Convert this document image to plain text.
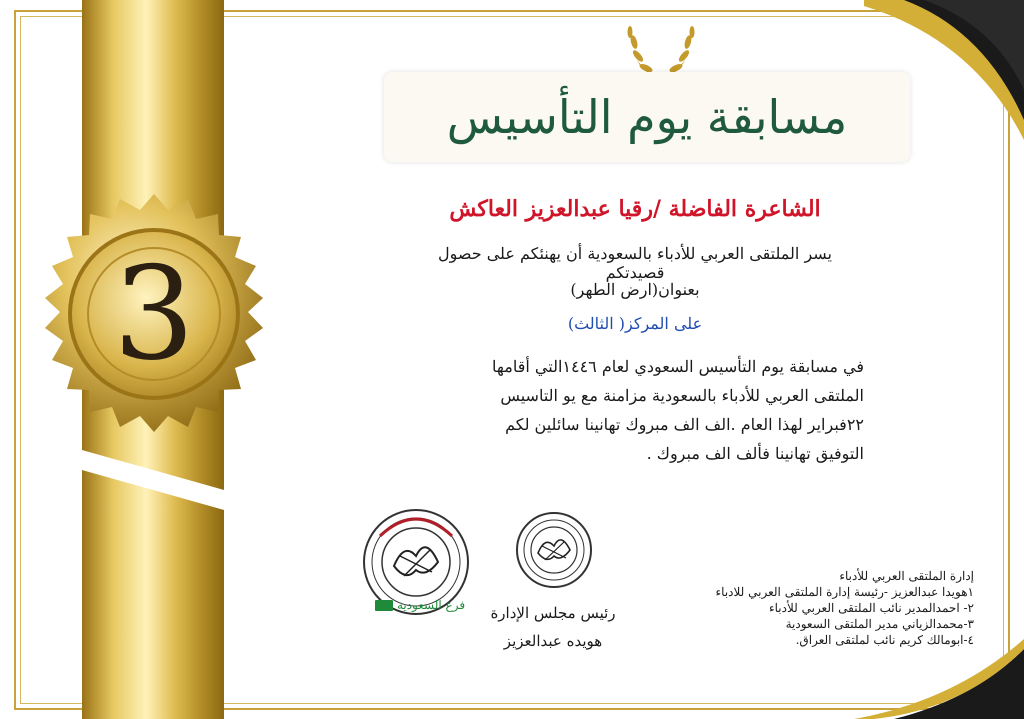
3
مسابقة يوم التأسيس
الشاعرة الفاضلة /رقيا عبدالعزيز العاكش
يسر الملتقى العربي للأدباء بالسعودية أن يهنئكم على حصول قصيدتكم
بعنوان(ارض الطهر)
على المركز( الثالث)
في مسابقة يوم التأسيس السعودي لعام ١٤٤٦التي أقامها الملتقى العربي للأدباء بالسعودية مزامنة مع يو التاسيس ٢٢فبراير لهذا العام .الف الف مبروك تهانينا سائلين لكم التوفيق تهانينا فألف الف مبروك .
فرع السعودية	رئيس مجلس الإدارة
هويده عبدالعزيز
إدارة الملتقى العربي للأدباء
١هويدا عبدالعزيز -رئيسة إدارة الملتقى العربي للادباء
٢- احمدالمدير نائب الملتقى العربي للأدباء
٣-محمدالزياني مدير الملتقى السعودية
٤-ابومالك كريم نائب لملتقى العراق.
